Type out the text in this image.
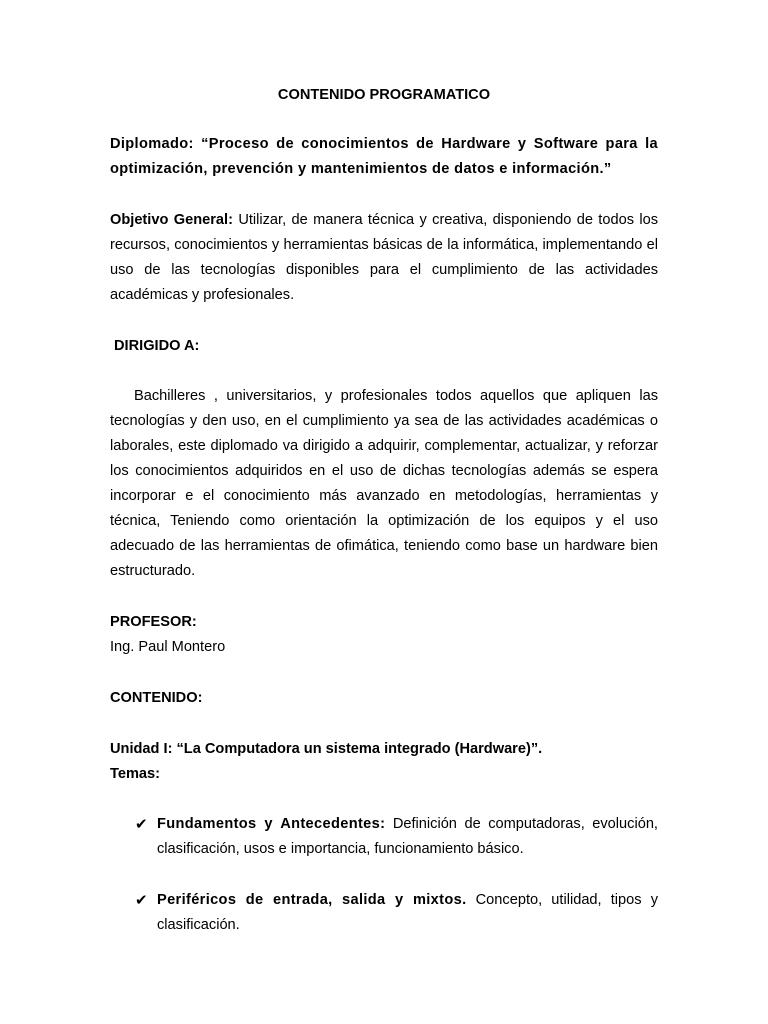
CONTENIDO PROGRAMATICO
Diplomado: “Proceso de conocimientos de Hardware y Software para la optimización, prevención y mantenimientos de datos e información.”
Objetivo General: Utilizar, de manera técnica y creativa, disponiendo de todos los recursos, conocimientos y herramientas básicas de la informática, implementando el uso de las tecnologías disponibles para el cumplimiento de las actividades académicas y profesionales.
DIRIGIDO A:
Bachilleres , universitarios, y profesionales todos aquellos que apliquen las tecnologías y den uso, en el cumplimiento ya sea de las actividades académicas o laborales, este diplomado va dirigido a adquirir, complementar, actualizar, y reforzar los conocimientos adquiridos en el uso de dichas tecnologías además se espera incorporar e el conocimiento más avanzado en metodologías, herramientas y técnica, Teniendo como orientación la optimización de los equipos y el uso adecuado de las herramientas de ofimática, teniendo como base un hardware bien estructurado.
PROFESOR:
Ing. Paul Montero
CONTENIDO:
Unidad I: “La Computadora un sistema integrado (Hardware)”.
Temas:
✔ Fundamentos y Antecedentes: Definición de computadoras, evolución, clasificación, usos e importancia, funcionamiento básico.
✔ Periféricos de entrada, salida y mixtos. Concepto, utilidad, tipos y clasificación.
